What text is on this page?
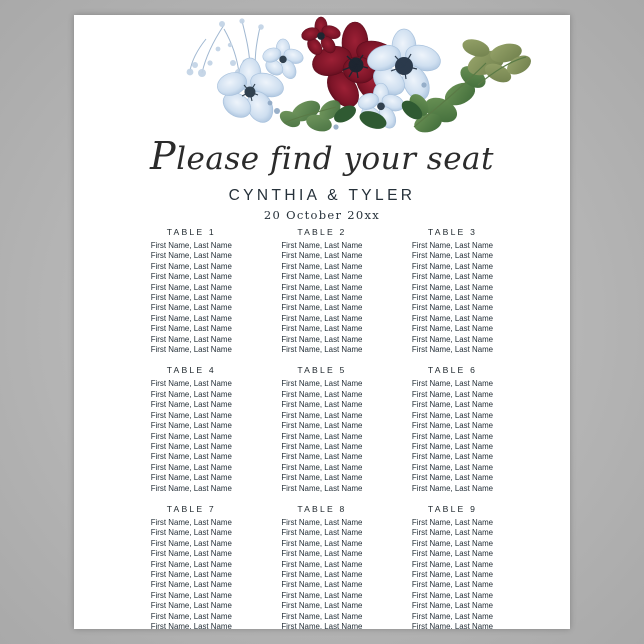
Please find your seat
CYNTHIA & TYLER
20 October 20xx
TABLE 1
First Name, Last Name
First Name, Last Name
First Name, Last Name
First Name, Last Name
First Name, Last Name
First Name, Last Name
First Name, Last Name
First Name, Last Name
First Name, Last Name
First Name, Last Name
First Name, Last Name
TABLE 2
First Name, Last Name
First Name, Last Name
First Name, Last Name
First Name, Last Name
First Name, Last Name
First Name, Last Name
First Name, Last Name
First Name, Last Name
First Name, Last Name
First Name, Last Name
First Name, Last Name
TABLE 3
First Name, Last Name
First Name, Last Name
First Name, Last Name
First Name, Last Name
First Name, Last Name
First Name, Last Name
First Name, Last Name
First Name, Last Name
First Name, Last Name
First Name, Last Name
First Name, Last Name
TABLE 4
First Name, Last Name
First Name, Last Name
First Name, Last Name
First Name, Last Name
First Name, Last Name
First Name, Last Name
First Name, Last Name
First Name, Last Name
First Name, Last Name
First Name, Last Name
First Name, Last Name
TABLE 5
First Name, Last Name
First Name, Last Name
First Name, Last Name
First Name, Last Name
First Name, Last Name
First Name, Last Name
First Name, Last Name
First Name, Last Name
First Name, Last Name
First Name, Last Name
First Name, Last Name
TABLE 6
First Name, Last Name
First Name, Last Name
First Name, Last Name
First Name, Last Name
First Name, Last Name
First Name, Last Name
First Name, Last Name
First Name, Last Name
First Name, Last Name
First Name, Last Name
First Name, Last Name
TABLE 7
First Name, Last Name
First Name, Last Name
First Name, Last Name
First Name, Last Name
First Name, Last Name
First Name, Last Name
First Name, Last Name
First Name, Last Name
First Name, Last Name
First Name, Last Name
First Name, Last Name
TABLE 8
First Name, Last Name
First Name, Last Name
First Name, Last Name
First Name, Last Name
First Name, Last Name
First Name, Last Name
First Name, Last Name
First Name, Last Name
First Name, Last Name
First Name, Last Name
First Name, Last Name
TABLE 9
First Name, Last Name
First Name, Last Name
First Name, Last Name
First Name, Last Name
First Name, Last Name
First Name, Last Name
First Name, Last Name
First Name, Last Name
First Name, Last Name
First Name, Last Name
First Name, Last Name
